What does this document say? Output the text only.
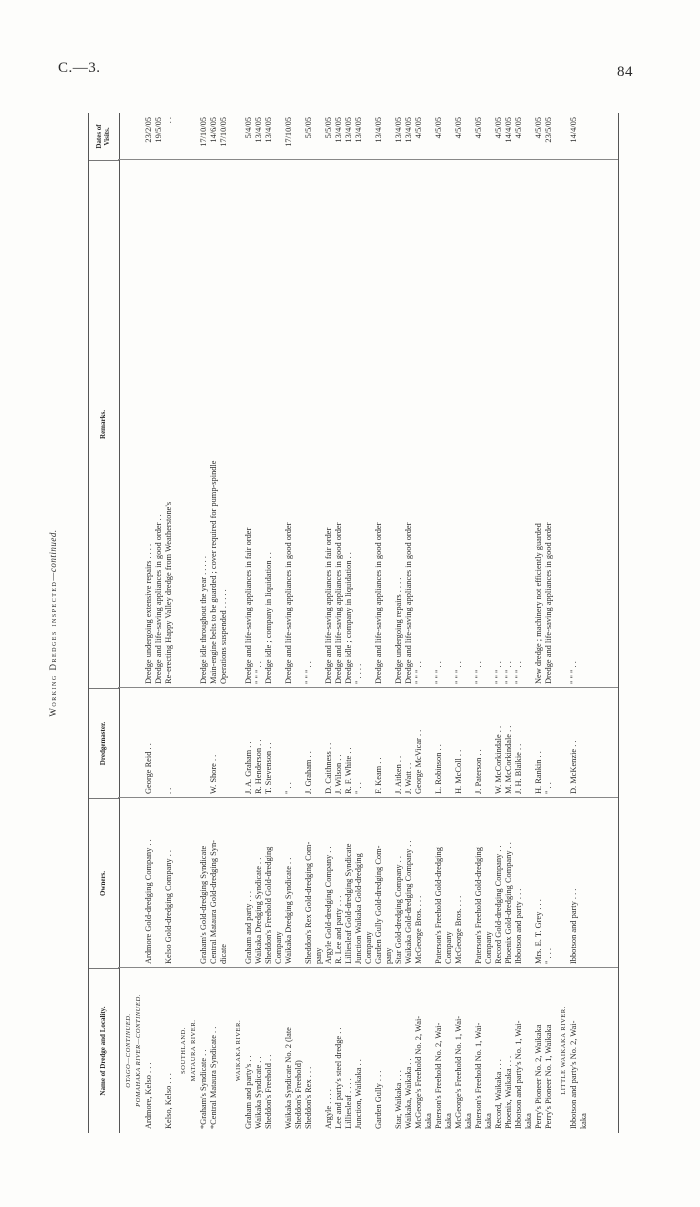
C.—3.	84
Working Dredges inspected—continued.
Name of Dredge and Locality.
Owners.
Dredgemaster.
Remarks.
Dates of Visits.
OTAGO—CONTINUED. POMAHAKA RIVER—CONTINUED. Ardmore, Kelso . . .
Ardmore Gold-dredging Company . .
George Reid . .
Dredge undergoing extensive repairs . . . .
23/2/05
Dredge and life-saving appliances in good order . .
19/5/05
Kelso, Kelso . . .
Kelso Gold-dredging Company . .
. .
Re-erecting Happy Valley dredge from Weatherstone's
. .
SOUTHLAND. MATAURA RIVER. *Graham's Syndicate . .
Graham's Gold-dredging Syndicate
Dredge idle throughout the year . . . . .
17/10/05
*Central Mataura Syndicate . .
Central Mataura Gold-dredging Syn-
W. Shore . .
Main-engine belts to be guarded ; cover required for pump-spindle
14/6/05
dicate
Operations suspended . . . . .
17/10/05
WAIKAKA RIVER.
Graham and party's . .
Graham and party . . .
J. A. Graham . .
Dredge and life-saving appliances in fair order
5/4/05
Waikaka Syndicate . .
Waikaka Dredging Syndicate . .
R. Henderson . .
" " " . .
13/4/05
Sheddon's Freehold . .
Sheddon's Freehold Gold-dredging
T. Stevenson . .
Dredge idle ; company in liquidation . .
13/4/05
Company
Waikaka Syndicate No. 2 (late
Waikaka Dredging Syndicate . .
" . .
Dredge and life-saving appliances in good order
17/10/05
Sheddon's Freehold) Sheddon's Rex . . .
Sheddon's Rex Gold-dredging Com-
J. Graham . .
" " " . .
5/5/05
pany
Argyle . . . .
Argyle Gold-dredging Company . .
D. Caithness . .
Dredge and life-saving appliances in fair order
5/5/05
Lee and party's steel dredge . .
R. Lee and party . . .
J. Wilson . .
Dredge and life-saving appliances in good order
13/4/05
Lilliesleaf . . . .
Lilliesleaf Gold-dredging Syndicate
R. F. White . .
Dredge idle ; company in liquidation . .
13/4/05
Junction, Waikaka . .
Junction Waikaka Gold-dredging
" . .
" . . . .
13/4/05
Company
Garden Gully . . .
Garden Gully Gold-dredging Com-
F. Keam . .
Dredge and life-saving appliances in good order
13/4/05
pany
Star, Waikaka . . .
Star Gold-dredging Company . .
J. Aitken . .
Dredge undergoing repairs . . . .
13/4/05
Waikaka, Waikaka . .
Waikaka Gold-dredging Company . .
J. Watt . .
Dredge and life-saving appliances in good order
13/4/05
McGeorge's Freehold No. 2, Wai-
McGeorge Bros. . . .
George McVicar . .
" " " . .
4/5/05
kaka Paterson's Freehold No. 2, Wai-
Paterson's Freehold Gold-dredging
L. Robinson . .
" " " . .
4/5/05
kaka
Company
McGeorge's Freehold No. 1, Wai-
McGeorge Bros. . . .
H. McColl . .
" " " . .
4/5/05
kaka Paterson's Freehold No. 1, Wai-
Paterson's Freehold Gold-dredging
J. Paterson . .
" " " . .
4/5/05
kaka
Company
Record, Waikaka . . .
Record Gold-dredging Company . .
W. McCorkindale . .
" " " . .
4/5/05
Phoenix, Waikaka . . .
Phoenix Gold-dredging Company . .
M. McCorkindale . .
" " " . .
14/4/05
Ibbotson and party's No. 1, Wai-
Ibbotson and party . . .
J. H. Blaikie . .
" " " . .
4/5/05
kaka Perry's Pioneer No. 2, Waikaka
Mrs. E. T. Grey . . .
H. Rankin . .
New dredge ; machinery not efficiently guarded
4/5/05
Perry's Pioneer No. 1, Waikaka
" . . .
" . .
Dredge and life-saving appliances in good order
23/5/05
LITTLE WAIKAKA RIVER. Ibbotson and party's No. 2, Wai-
Ibbotson and party . . .
D. McKenzie . .
" " " . .
14/4/05
kaka
